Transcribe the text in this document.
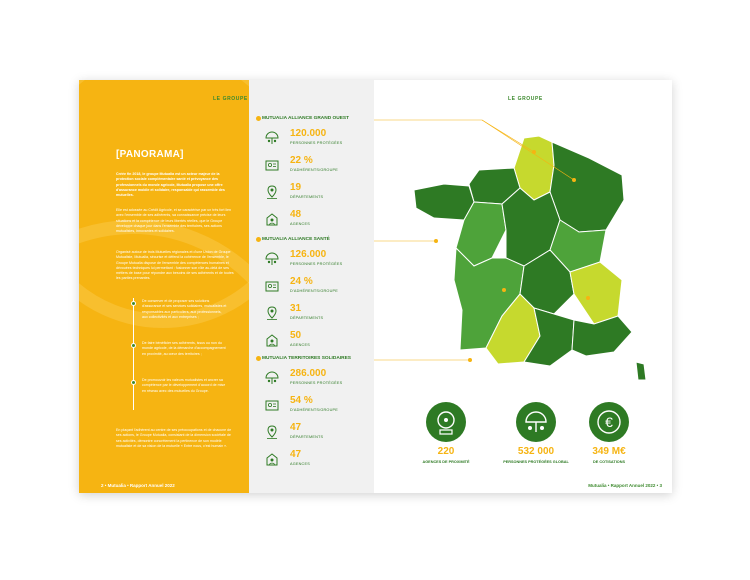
LE GROUPE
[PANORAMA]
Créée fin 2018, le groupe Mutualia est un acteur majeur de la protection sociale complémentaire santé et prévoyance des professionnels du monde agricole, Mutualia propose une offre d'assurance mobile et solidaire, responsable qui rassemble des mutuelles.
Elle est adossée au Crédit Agricole, et se caractérise par un très fort lien avec l'ensemble de ses adhérents, sa connaissance précise de leurs situations et la compétence de leurs libertés réelles, que le Groupe développe chaque jour dans l'ensemble des territoires, ses actions mutualistes, innovantes et solidaires.
Organisé autour de trois Mutuelles régionales et d'une Union de Groupe Mutualiste, Mutualia, sécurise et défend la cohérence de l'ensemble, le Groupe Mutualia dispose de l'ensemble des compétences humaines et dévouées techniques lui permettant : fusionner son rôle au-delà de ses métiers de base pour répondre aux besoins de ses adhérents et de toutes les parties prenantes.
De conserver et de proposer ses solutions d'assurance et ses services solidaires, mutualistes et responsables aux particuliers, aux professionnels, aux collectivités et aux entreprises ;
De faire bénéficier ses adhérents, issus ou non du monde agricole, de la démarche d'accompagnement en proximité, au cœur des territoires ;
De promouvoir les valeurs mutualistes et ancrer sa compétence par le développement d'accord de mise en réseau avec des mutuelles du Groupe.
En plaçant l'adhérent au centre de ses préoccupations et de chacune de ses actions, le Groupe Mutualia, consistant de la dimension sociétale de ses activités, démontre concrètement la pertinence de son modèle mutualiste et de sa vision de la mutuelle « Entre nous, c'est humain ».
2 • Mutualia • Rapport Annuel 2022
MUTUALIA ALLIANCE GRAND OUEST
MUTUALIA ALLIANCE SANTÉ
MUTUALIA TERRITOIRES SOLIDAIRES
120.000
PERSONNES PROTÉGÉES
22 %
D'ADHÉRENTS/GROUPE
19
DÉPARTEMENTS
48
AGENCES
126.000
PERSONNES PROTÉGÉES
24 %
D'ADHÉRENTS/GROUPE
31
DÉPARTEMENTS
50
AGENCES
286.000
PERSONNES PROTÉGÉES
54 %
D'ADHÉRENTS/GROUPE
47
DÉPARTEMENTS
47
AGENCES
LE GROUPE
220
AGENCES DE PROXIMITÉ
532 000
PERSONNES PROTÉGÉES GLOBAL
€
349 M€
DE COTISATIONS
Mutualia • Rapport Annuel 2022 • 3
